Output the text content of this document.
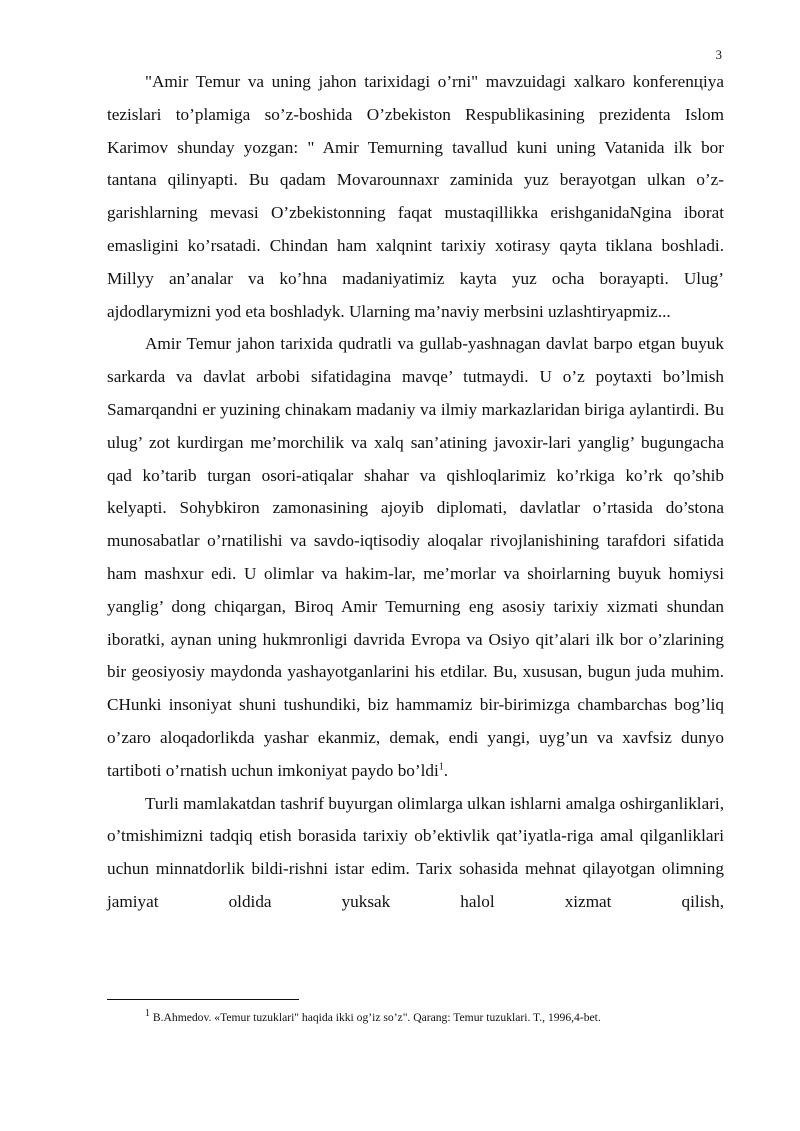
3

"Amir Temur va uning jahon tarixidagi o’rni" mavzuidagi xalkaro konferenцiya tezislari to’plamiga so’z-boshida O’zbekiston Respublikasining prezidenta Islom Karimov shunday yozgan: " Amir Temurning tavallud kuni uning Vatanida ilk bor tantana qilinyapti. Bu qadam Movarounnaxr zaminida yuz berayotgan ulkan o’z-garishlarning mevasi O’zbekistonning faqat mustaqillikka erishganidaNgina iborat emasligini ko’rsatadi. Chindan ham xalqnint tarixiy xotirasy qayta tiklana boshladi. Millyy an’analar va ko’hna madaniyatimiz kayta yuz ocha borayapti. Ulug’ ajdodlarymizni yod eta boshladyk. Ularning ma’naviy merbsini uzlashtiryapmiz...

Amir Temur jahon tarixida qudratli va gullab-yashnagan davlat barpo etgan buyuk sarkarda va davlat arbobi sifatidagina mavqe’ tutmaydi. U o’z poytaxti bo’lmish Samarqandni er yuzining chinakam madaniy va ilmiy markazlaridan biriga aylantirdi. Bu ulug’ zot kurdirgan me’morchilik va xalq san’atining javoxir-lari yanglig’ bugungacha qad ko’tarib turgan osori-atiqalar shahar va qishloqlarimiz ko’rkiga ko’rk qo’shib kelyapti. Sohybkiron zamonasining ajoyib diplomati, davlatlar o’rtasida do’stona munosabatlar o’rnatilishi va savdo-iqtisodiy aloqalar rivojlanishining tarafdori sifatida ham mashxur edi. U olimlar va hakim-lar, me’morlar va shoirlarning buyuk homiysi yanglig’ dong chiqargan, Biroq Amir Temurning eng asosiy tarixiy xizmati shundan iboratki, aynan uning hukmronligi davrida Evropa va Osiyo qit’alari ilk bor o’zlarining bir geosiyosiy maydonda yashayotganlarini his etdilar. Bu, xususan, bugun juda muhim. CHunki insoniyat shuni tushundiki, biz hammamiz bir-birimizga chambarchas bog’liq o’zaro aloqadorlikda yashar ekanmiz, demak, endi yangi, uyg’un va xavfsiz dunyo tartiboti o’rnatish uchun imkoniyat paydo bo’ldi$^1$.

Turli mamlakatdan tashrif buyurgan olimlarga ulkan ishlarni amalga oshirganliklari, o’tmishimizni tadqiq etish borasida tarixiy ob’ektivlik qat’iyatla-riga amal qilganliklari uchun minnatdorlik bildi-rishni istar edim. Tarix sohasida mehnat qilayotgan olimning jamiyat oldida yuksak halol xizmat qilish,

$^1$ B.Ahmedov. «Temur tuzuklari" haqida ikki og’iz so’z". Qarang: Temur tuzuklari. T., 1996,4-bet.
